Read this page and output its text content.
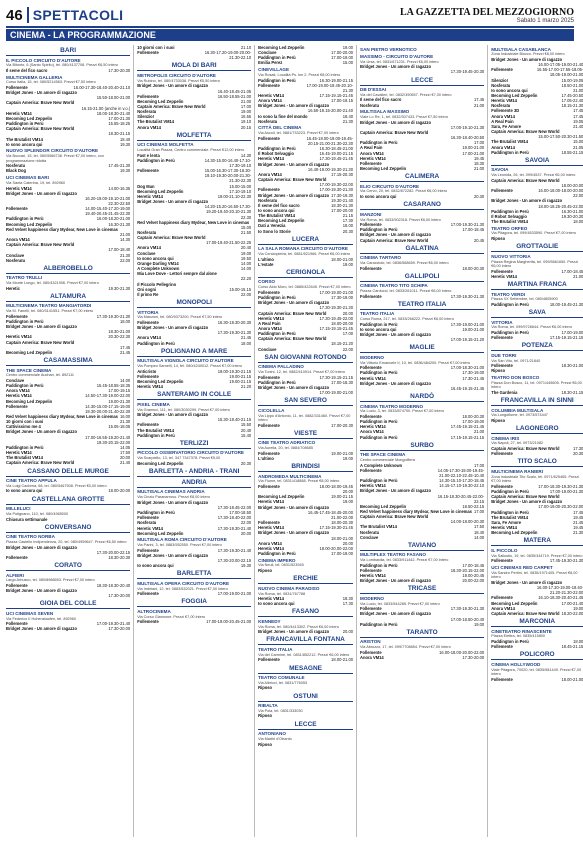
46 SPETTACOLI	LA GAZZETTA DEL MEZZOGIORNO
Sabato 1 marzo 2025
CINEMA - LA PROGRAMMAZIONE
BARI
IL PICCOLO CIRCUITO D'AUTORE
Via Bitonto, 6 (Santo Spirito), tel. 080/4137708. Prezzi €6,50 intero
Il seme del fico sacro	17.30-20.30
MULTICINEMA GALLERIA
Corso Italia, 15, tel. 080/5214563. Prezzi €7,50 intero
Follemente	16.00-17.30-18.40-20.40-21.10
Bridget Jones - Un amore di ragazzo
15.50-18.00-21.00
Captain America: Brave New World
16.15-21.00 (anche in v.o.)
Heretic VM14	18.00-18.30-21.40
Becoming Led Zeppelin	17.00-21.30
Paddington in Perù	15.55-18.25
Captain America: Brave New World
18.30-21.15
The Brutalist VM14	18.40
Io sono ancora qui	19.30
NUOVO SPLENDOR CIRCUITO D'AUTORE
Via Buccari, 15, tel. 080/5566738. Prezzi €7,00 intero, con programmazione ridotta
Nosferatu	17.45-21.30
Black Dog	19.30
UCI CINEMAS BARI
Via Santa Caterina, 19, tel. 892960
Heretic VM14	14.00-16.35
Bridget Jones - Un amore di ragazzo
16.20-19.00-19.10-21.00
22.30-22.50
Follemente	14.00-15.40-17.20-19.00
19.40-20.45-21.45-22.30
Paddington in Perù	16.00-18.20-21.00
Becoming Led Zeppelin	16.30-21.30
Red Velvet happiness diary Mydear, New Love in cinemas
21.00
Anora VM14	14.30
Captain America: Brave New World
17.00-18.40
Conclave	21.30
Nosferatu	22.00
ALBEROBELLO
TEATRO TRULLI
Via Monte Lungo, tel. 080/4321906. Prezzi €7,00 intero
Heretic	19.30-21.30
ALTAMURA
MULTICINEMA TEATRO MANGIATORDI
Via M. Fanelli, tel. 080/3141551. Prezzi €7,00 intero
Follemente	17.30-19.30-21.30
Paddington in Perù	18.00
Bridget Jones - Un amore di ragazzo
18.30-21.00
Heretic VM14	20.30-22.30
Captain America: Brave New World
17.45
Becoming Led Zeppelin	21.45
CASAMASSIMA
THE SPACE CINEMA
Centro commerciale Auchan, tel. 892111
Conclave	14.00
Paddington in Perù	15.45-18.55-18.35
Anora VM14	17.00-19.15
Heretic VM14	14.50-17.30-19.00-22.00
Becoming Led Zeppelin	19.00-21.30
Follemente	14.30-15.00-17.15-19.00
19.30-20.00-21.40-22.30
Red Velvet happiness diary Mydear, New Love in cinemas 16.00
10 giorni con i suoi	21.30
Cattivissimo me 4	15.05-18.05
Bridget Jones - Un amore di ragazzo
17.00-16.55-19.20-21.40
19.30-20.15-22.00
Paddington in Perù	14.05
Heretic VM14	17.50
The Brutalist VM14	20.00
Captain America: Brave New World	21.40
CASSANO DELLE MURGE
CINE TEATRO APPULA
Via Luigi Cadorna, 68, tel. 080/5467508. Prezzi €5,00 intero
Io sono ancora qui	18.00-20.00
CASTELLANA GROTTE
MILLELUCI
Via Putignano, 110, tel. 080/4965000
Chiusura settimanale
CONVERSANO
CINE TEATRO NORBA
Piazza Castello Indipendenza, 20, tel. 080/4959647. Prezzi €6,50 intero
Bridget Jones - Un amore di ragazzo
17.30-20.00-22.15
Follemente	18.30-20.30
CORATO
ALFIERI
Largo Arbusco, tel. 080/8986553. Prezzi €7,00 intero
Follemente	18.30-18.30-20.40
Bridget Jones - Un amore di ragazzo
17.30-20.00
GIOIA DEL COLLE
UCI CINEMAS SEVEN
Via Federico II Hohenstaufen, tel. 892960
Follemente	17.00-19.30-21.40
Bridget Jones - Un amore di ragazzo	17.30-20.00
10 giorni con i suoi	21.10
Follemente	16.30-17.20-19.00-20.00-
21.30-22.10
MOLA DI BARI
METROPOLIS CIRCUITO D'AUTORE
Via Rubino, tel. 080/4733038. Prezzi €5,50 intero
Bridget Jones - Un amore di ragazzo
16.40-18.45-21.05
Follemente	16.50-18.55-21.00
Becoming Led Zeppelin	21.00
Captain America: Brave New World	17.00
Nosferatu	19.00
Silenzio!	16.55
The Brutalist VM14	19.10
Anora VM14	20.15
MOLFETTA
UCI CINEMAS MOLFETTA
Località Gran Piazza, Centro commerciale. Prezzi €12,00 intero
Fast e lenta	14.30
Paddington in Perù	14.30-15.00-16.40-17.10-
17.30-19.10
Follemente	15.00-16.30-17.30-18.30-
19.10-19.30-20.00-21.30-
21.30-22.30
Dog Man	15.00-15.00
Becoming Led Zeppelin	17.10-19.10
Heretic VM14	19.00-21.10-22.30
Bridget Jones - Un amore di ragazzo
14.20-15.20-16.50-17.30-
19.20-19.40-20.10-21.30
22.30
Red Velvet happiness diary Mydear, New Love in cinemas
15.00
Nosferatu	21.50
Captain America: Brave New World
17.00-19.40-21.50-22.25
Anora VM14	20.40
Conclave	19.00
Io sono ancora qui	19.50
Orange Darling VM14	14.00
A Complete Unknown	14.00
Mia Love Dove - Lettori sempre dal alone
22.20
Il Piccolo Pellegrino
Oni sogni	15.00-15.15
Il primo Re	22.00
MONOPOLI
VITTORIA
Via Manzoni, tel. 080/9373200. Prezzi €7,50 intero
Follemente	16.30-18.30-20.30
Bridget Jones - Un amore di ragazzo
17.30-19.30-21.30
Anora VM14	21.45
Paddington in Perù	18.00
POLIGNANO A MARE
MULTISALA VIGNOLA CIRCUITO D'AUTORE
Via Pompeo Sarnelli, 14, tel. 080/4240012. Prezzi €7,00 intero
Anticristo	19.00-19.30-21.15
Follemente	19.00-21.15
Becoming Led Zeppelin	19.00-21.15
Heretic VM14	21.20
SANTERAMO IN COLLE
PIXEL CINEMA
Via Gramsci, 111, tel. 080/3030299. Prezzi €7,00 intero
Bridget Jones - Un amore di ragazzo
15.30-18.40-21.15
Follemente	15.50
The Brutalist VM14	20.40
Paddington in Perù	15.40
TERLIZZI
PICCOLO OSSERVATORIO CIRCUITO D'AUTORE
Via Scarpiello, 13, tel. 347 7347378. Prezzi €5,00
Becoming Led Zeppelin	20.30
BARLETTA - ANDRIA - TRANI
ANDRIA
MULTISALA CINEMAS ANDRIA
Via Cinzio Paranarroso. Prezzi €8,00 intero
Bridget Jones - Un amore di ragazzo
17.30-18.45-22.00
Paddington in Perù	17.00-18.50
Follemente	17.30-18.40-22.00
Nosferatu	22.00
Heretic VM14	17.30-19.30-21.40
Becoming Led Zeppelin	20.00
MULTISALA ROMA CIRCUITO D'AUTORE
Via Parini, 3, tel. 0883/552550. Prezzi €7,00 intero
Follemente	17.30-19.30-21.40
Bridget Jones - Un amore di ragazzo
17.30-20.00-22.15
Io sono ancora qui	19.30
BARLETTA
MULTISALA OPERA CIRCUITO D'AUTORE
Via Imbriani, 12, tel. 0883/532021. Prezzi €7,00 intero
Follemente	17.00-19.00-21.00
FOGGIA
ALTROCINEMA
Via Corso Giannone. Prezzi €7,00 intero
Follemente	17.00-19.00-20.45-21.00
Becoming Led Zeppelin	19.00
Conclave	17.00-20.00
Paddington in Perù	17.00-19.00
Emilia Perez	15.00
CINEVILLAGE
Via Rosati, Località Ps. km 2. Prezzi €8,00 intero
Paddington in Perù	16.30-19.00-21.15
Follemente	17.00-19.00-19.45-20.10-
21.30
Heretic VM14	17.15-19.15-21.45
Anora VM14	17.00-19.15
Bridget Jones - Un amore di ragazzo
16.50-19.15-20.00-21.40
Io sono la fine del mondo	18.40
Nosferatu	21.30
CITTÀ DEL CINEMA
Via Ascoli, tel. 0881/733223. Prezzi €7,00 intero
Follemente	16.45-18.00-19.00-19.45-
20.15-21.00-21.30-22.30
Paddington in Perù	16.30-18.45-21.00
Il Robot Selvaggio	16.45-19.00-21.15
Heretic VM14	17.30-19.45-21.45
Bridget Jones - Un amore di ragazzo
16.40-19.00-19.30-21.30
Anora VM14	17.15-20.30
Captain America: Brave New World
17.00-19.30-22.00
Follemente	17.00-19.30-21.30
Bridget Jones - Un amore di ragazzo 17.30-19.30
Nosferatu	19.30-21.40
Il seme del fico sacro	18.30-21.30
Io sono ancora qui	17.00-20.00
The Brutalist VM14	21.15
Becoming Led Zeppelin	17.30
Dati a Venezia	18.00
Io Sono lo Storie	20.30
LUCERA
LA SALA ROMANA CIRCUITO D'AUTORE
Via Cenciopietra, tel. 0881/521966. Prezzi €6,00 intero
L'ultimo	18.00-21.00
L'estate	19.00
CERIGNOLA
CORSO
Corso Aldo Moro, tel. 0885/422645. Prezzi €7,00 intero
Follemente	17.00-19.00-21.00
Paddington in Perù	17.30-19.00
Bridget Jones - Un amore di ragazzo
17.30-19.30-21.30
Captain America: Brave New World	20.00
Heretic VM14	17.30-19.45-22.00
A Real Pain	18.00-20.00
Anora VM14	17.15-19.15-21.45
Paddington in Perù	17.00
Captain America: Brave New World
18.15-21.20
Conclave	22.00
SAN GIOVANNI ROTONDO
CINEMA PALLADINO
Via Tonini, 12, tel. 0882/410914. Prezzi €7,00 intero
Follemente	17.30-19.15-21.15
Paddington in Perù	17.00-18.30
Bridget Jones - Un amore di ragazzo
17.00-19.00-21.00
SAN SEVERO
CICOLELLA
Via Lippo d'Antonio, 11, tel. 0882/331460. Prezzi €7,00 intero
Follemente	17.00-20.30
VIESTE
CINE TEATRO ADRIATICO
Via Aurelia, 20, tel. 0884/708685
Follemente	19.00-21.00
L'ultimo	19.00
BRINDISI
ANDROMEDA MULTICINEMA
Via Fiume, tel. 0831/418888. Prezzi €8,00 intero
Follemente	18.00-18.00-19.45
20.00
Becoming Led Zeppelin	19.00-21.15
Heretic VM14	19.00
Bridget Jones - Un amore di ragazzo
16.45-17.45-18.45-20.00
21.00-22.00
Follemente	18.00-20.30
Heretic VM14	17.15-19.30-21.45
Bridget Jones - Un amore di ragazzo
18.00-21.00
Anora VM14	20.00
Heretic VM14	18.00-20.00-22.00
Paddington in Perù	17.00-19.00
CINEMA IMPERO
Via Neuli, tel. 0831/523945
Riposo
ERCHIE
NUOVO CINEMA PARADISO
Via Roma, tel. 0831/767788
Heretic VM14	18.30
Io sono ancora qui	17.30
FASANO
KENNEDY
Via Roma, tel. 080/4413302. Prezzi €6,00 intero
Bridget Jones - Un amore di ragazzo	20.00
FRANCAVILLA FONTANA
TEATRO ITALIA
Via del Carmine, tel. 0831/852212. Prezzi €6,00 intero
Follemente	18.00-21.00
MESAGNE
TEATRO COMUNALE
Via Albricci, tel. 0831/776053
Riposo
OSTUNI
RIBALTA
Via Pola, tel. 0831/333030
Riposo
LECCE
ANTONIANO
Via Martiri d'Otranto
Riposo
SAN PIETRO VERNOTICO
MASSIMO - CIRCUITO D'AUTORE
Via Ursa, tel. 0831/671231. Prezzi €6,00 intero
Bridget Jones - Un amore di ragazzo
17.30-19.45-20.30
LECCE
DB D'ESSAI
Via dei Cavalieri, tel. 0832/390557. Prezzi €7,00 intero
Il seme del fico sacro	17.45
Nosferatu	21.00
MULTISALA MASSIMO
Viale Lo Re, 1, tel. 0832/307433. Prezzi €7,50 intero
Bridget Jones - Un amore di ragazzo
17.00-19.10-21.30
Captain America: Brave New World
16.30-18.40-20.50
Paddington in Perù	17.00
A Real Pain	19.00-21.00
Anora VM14	17.00-21.00
Heretic VM14	19.45
Follemente	18.30
Becoming Led Zeppelin	21.00
CALIMERA
ELIO CIRCUITO D'AUTORE
Via Cervo, 20, tel. 0832/872282. Prezzi €6,00 intero
Io sono ancora qui	20.30
CASARANO
MANZONI
Via Roma, tel. 0833/502318. Prezzi €6,00 intero
Follemente	17.00-19.30-21.30
Paddington in Perù	17.00-18.45
Bridget Jones - Un amore di ragazzo
Captain America: Brave New World	20.45
GALATINA
CINEMA TARTARO
Via Caracciolo, tel. 0836/568659. Prezzi €6,00 intero
Follemente	18.00-20.30
GALLIPOLI
CINEMA TEATRO TITO SCHIPA
Piazza Carducci, tel. 0833/261011. Prezzi €6,00 intero
Follemente	17.30-19.30-21.30
TEATRO ITALIA
TEATRO ITALIA
Corso Roma, 217, tel. 0833/266222. Prezzi €6,00 intero
Paddington in Perù	17.30-19.00-21.00
Io sono ancora qui	19.00-21.00
Bridget Jones - Un amore di ragazzo
17.00-19.15-21.20
MAGLIE
MODERNO
Via Vittorio Emanuele II, 10, tel. 0836/484200. Prezzi €7,00 intero
Follemente	17.00-18.30-21.00
Paddington in Perù	17.30-19.00
Heretic VM14	17.30-21.45
Bridget Jones - Un amore di ragazzo
16.45-19.15-21.45
NARDÒ
CINEMA TEATRO MODERNO
Via Lucio, 3, tel. 0833/874700. Prezzi €7,00 intero
Follemente	18.00-20.30
Paddington in Perù	17.00-19.00
Heretic VM14	17.45-19.15-21.45
Anora VM14	21.00
Paddington in Perù	17.15-19.15-21.15
SURBO
THE SPACE CINEMA
Centro commerciale Mongolfiera
A Complete Unknown	17.00
Follemente	14.05-17.30-19.00-19.45-
21.00-22.10-22.45-10.40
Paddington in Perù	14.30-15.10-17.20-18.45
Heretic VM14	14.15-17.10-19.30-22.10
Bridget Jones - Un amore di ragazzo
16.15-18.30-20.45-22.00-
22.15
Becoming Led Zeppelin	18.50-22.15
Red Velvet happiness diary Mydear, New Love in cinemas 17.00
Captain America: Brave New World
14.00-18.00-20.30
The Brutalist VM14	17.50
Nosferatu	18.40
Conclave	14.00
TAVIANO
MULTIPLEX TEATRO FASANO
Via Lombardia, tel. 0833/911442. Prezzi €7,00 intero
Paddington in Perù	17.00-18.45
Follemente	18.30-20.15-22.00
Heretic VM14	19.00-20.45
Bridget Jones - Un amore di ragazzo	20.00-22.00
TRICASE
MODERNO
Via Lucio, tel. 0833/544285. Prezzi €7,00 intero
Follemente	17.30-19.30-21.30
Bridget Jones - Un amore di ragazzo
17.00-18.50-20.40
Paddington in Perù	19.00
TARANTO
ARISTON
Via Abruzzo, 17, tel. 099/7708854. Prezzi €7,00 intero
Follemente	16.00-18.00-20.00-22.00
Anora VM14	17.30-20.00
MULTISALA CASABLANCA
Zona Industriale Blocco. Prezzi €8,00 intero
Bridget Jones - Un amore di ragazzo
16.00-17.05-19.00-21.40
Follemente	16.55-17.00-17.55-18.05-
18.05-19.00-21.00
Silenzio!	15.00-19.05
Nosferatu	18.50-21.00
Io sono ancora qui	21.00
Becoming Led Zeppelin	17.45-20.50
Heretic VM14	17.05-22.40
Nosferatu	18.15-21.30
Follemente 3D	17.45
Anora VM14	17.45
A Real Pain	19.05
Sara, Fe Amore	21.40
Captain America: Brave New World
15.00-17.50-20.30-21.50
The Brutalist VM14	15.00
Anora VM14	21.05
Paddington in Perù	18.55-21.15
SAVOIA
SAVOIA
Via Leonida, 26, tel. 099/4537. Prezzi €6,00 intero
Captain America: Brave New World
18.00-20.00
Follemente	16.00-18.00-18.00-20.00
22.00
Bridget Jones - Un amore di ragazzo
18.00-18.25-20.45-22.00
Paddington in Perù	16.30-21.00
Il Robot Selvaggio	19.30-20.30
The Brutalist VM14	18.00
TEATRO ORFEO
Via Pitagora, tel. 099/4533590. Prezzi €7,00 intero
Riposo
GROTTAGLIE
NUOVO VITTORIA
Piazza Regina Margherita, tel. 099/5661650. Prezzi €6,00 intero
Follemente	17.00-18.45
Heretic VM14	21.00
MARTINA FRANCA
TEATRO VERDI
Piazza XX Settembre, tel. 080/4805900
Paddington in Perù	18.00-19.45-21.30
SAVA
VITTORIA
Via Roma, tel. 099/9726644. Prezzi €6,00 intero
Paddington in Perù	17.00-19.00
Follemente	17.15-19.15-21.15
POTENZA
DUE TORRI
Via San Vito, tel. 0971/21840
Follemente	18.30-21.00
Riposo
TEATRO DON BOSCO
Piazza Don Bosco, 11, tel. 0971/445605. Prezzi €6,00 intero
The Gardenia	18.30-21.15
FRANCAVILLA IN SINNI
COLUMBIA MULTISALA
Via Lungofiume, tel. 0973/574447
Riposo
LAGONEGRO
CINEMA IRIS
Via Napoli, 27, tel. 0973/21082
Captain America: Brave New World	17.30
Follemente	20.30
TITO SCALO
MULTICINEMA RANIERI
Zona industriale Tito Scalo, tel. 0971/625465. Prezzi €7,00 intero
Follemente	17.00-18.30-19.30-21.30
Paddington in Perù	17.00-19.00-21.30
Captain America: Brave New World
Bridget Jones - Un amore di ragazzo
17.00-19.00-20.30-22.00
Paddington in Perù	17.45
The Brutalist VM14	19.45
Sara, Fe Amore	21.45
Heretic VM14	19.45
Becoming Led Zeppelin	21.30
MATERA
IL PICCOLO
Via Sallustio, 19, tel. 0835/344719. Prezzi €7,00 intero
Follemente	17.45-19.30-21.30
UCI CINEMAS RED CARPET
Via Sandro Pertini, tel. 0835/1971405. Prezzi €8,00 intero
Bridget Jones - Un amore di ragazzo
16.00-17.30-19.00-19.40-
21.20-21.30-22.00
Follemente	16.10-18.30-20.40-21.45
Becoming Led Zeppelin	17.00-21.40
Anora VM14	19.00
Captain America: Brave New World 18.20-22.00
MARCONIA
CINETEATRO RINASCENTE
Piazza Elettra, tel. 0835/415800
Paddington in Perù	18.00
Follemente	18.45-21.15
POLICORO
CINEMA HOLLYWOOD
Viale Pitagora, 70020, tel. 0835/981449. Prezzi €7,00 intero
Follemente	18.00-21.00
